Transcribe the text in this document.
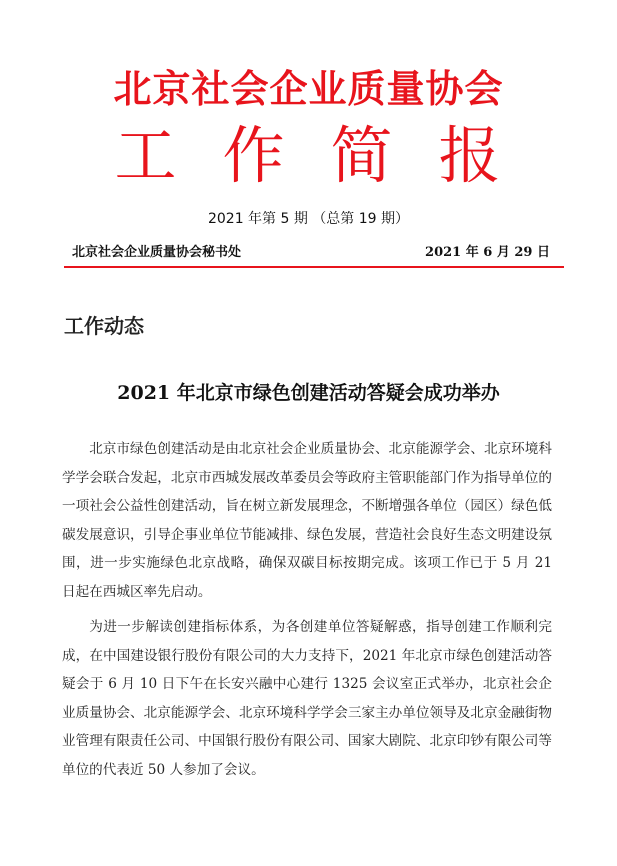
北京社会企业质量协会
工作简报
2021 年第 5 期 （总第 19 期）
北京社会企业质量协会秘书处	2021 年 6 月 29 日
工作动态
2021 年北京市绿色创建活动答疑会成功举办

北京市绿色创建活动是由北京社会企业质量协会、北京能源学会、北京环境科学学会联合发起，北京市西城发展改革委员会等政府主管职能部门作为指导单位的一项社会公益性创建活动，旨在树立新发展理念，不断增强各单位（园区）绿色低碳发展意识，引导企事业单位节能减排、绿色发展，营造社会良好生态文明建设氛围，进一步实施绿色北京战略，确保双碳目标按期完成。该项工作已于 5 月 21 日起在西城区率先启动。

为进一步解读创建指标体系，为各创建单位答疑解惑，指导创建工作顺利完成，在中国建设银行股份有限公司的大力支持下，2021 年北京市绿色创建活动答疑会于 6 月 10 日下午在长安兴融中心建行 1325 会议室正式举办，北京社会企业质量协会、北京能源学会、北京环境科学学会三家主办单位领导及北京金融街物业管理有限责任公司、中国银行股份有限公司、国家大剧院、北京印钞有限公司等单位的代表近 50 人参加了会议。
